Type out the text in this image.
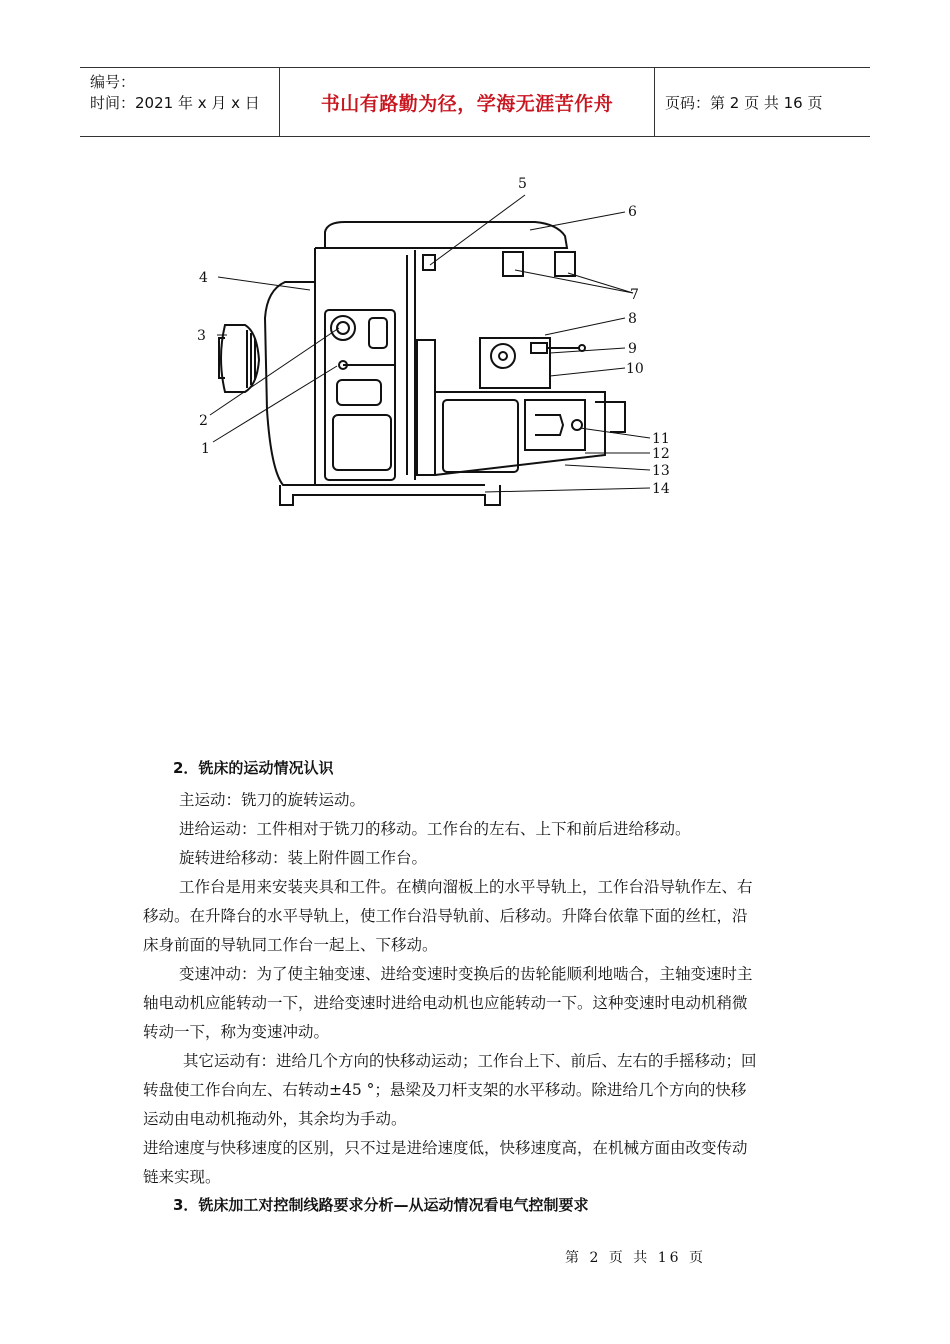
编号：
时间：2021 年 x 月 x 日	书山有路勤为径，学海无涯苦作舟	页码：第 2 页 共 16 页
1
2
3
4
5
6
7
8
9
10
11
12
13
14
2．铣床的运动情况认识
主运动：铣刀的旋转运动。
进给运动：工件相对于铣刀的移动。工作台的左右、上下和前后进给移动。
旋转进给移动：装上附件圆工作台。
工作台是用来安装夹具和工件。在横向溜板上的水平导轨上，工作台沿导轨作左、右
移动。在升降台的水平导轨上，使工作台沿导轨前、后移动。升降台依靠下面的丝杠，沿
床身前面的导轨同工作台一起上、下移动。
变速冲动：为了使主轴变速、进给变速时变换后的齿轮能顺利地啮合，主轴变速时主
轴电动机应能转动一下，进给变速时进给电动机也应能转动一下。这种变速时电动机稍微
转动一下，称为变速冲动。
其它运动有：进给几个方向的快移动运动；工作台上下、前后、左右的手摇移动；回
转盘使工作台向左、右转动±45 °；悬梁及刀杆支架的水平移动。除进给几个方向的快移
运动由电动机拖动外，其余均为手动。
进给速度与快移速度的区别，只不过是进给速度低，快移速度高，在机械方面由改变传动
链来实现。
3．铣床加工对控制线路要求分析—从运动情况看电气控制要求
第 2 页 共 16 页
